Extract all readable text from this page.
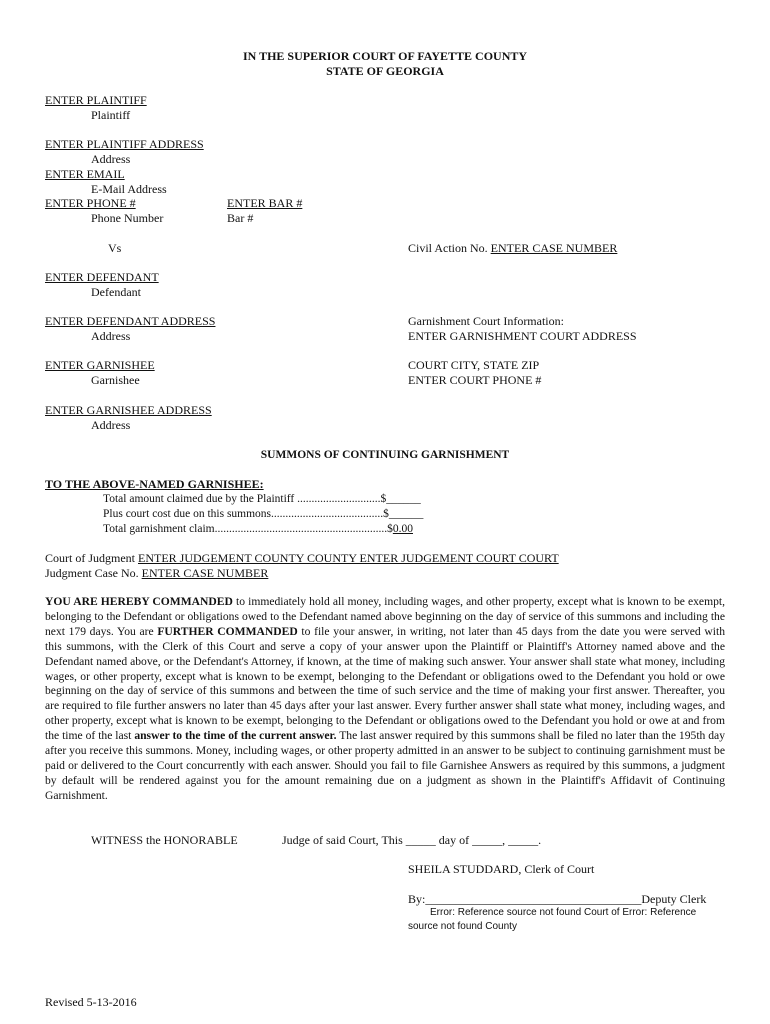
IN THE SUPERIOR COURT OF FAYETTE COUNTY
STATE OF GEORGIA
ENTER PLAINTIFF
Plaintiff
ENTER PLAINTIFF ADDRESS
Address
ENTER EMAIL
E-Mail Address
ENTER PHONE #
Phone Number
ENTER BAR #
Bar #
Vs	Civil Action No. ENTER CASE NUMBER
ENTER DEFENDANT
Defendant
ENTER DEFENDANT ADDRESS
Address
Garnishment Court Information:
ENTER GARNISHMENT COURT ADDRESS
COURT CITY, STATE ZIP
ENTER COURT PHONE #
ENTER GARNISHEE
Garnishee
ENTER GARNISHEE ADDRESS
Address
SUMMONS OF CONTINUING GARNISHMENT
TO THE ABOVE-NAMED GARNISHEE:
Total amount claimed due by the Plaintiff .............................$______
Plus court cost due on this summons.......................................$______
Total garnishment claim............................................................$0.00
Court of Judgment ENTER JUDGEMENT COUNTY COUNTY ENTER JUDGEMENT COURT COURT
Judgment Case No. ENTER CASE NUMBER
YOU ARE HEREBY COMMANDED to immediately hold all money, including wages, and other property, except what is known to be exempt, belonging to the Defendant or obligations owed to the Defendant named above beginning on the day of service of this summons and including the next 179 days. You are FURTHER COMMANDED to file your answer, in writing, not later than 45 days from the date you were served with this summons, with the Clerk of this Court and serve a copy of your answer upon the Plaintiff or Plaintiff's Attorney named above and the Defendant named above, or the Defendant's Attorney, if known, at the time of making such answer. Your answer shall state what money, including wages, or other property, except what is known to be exempt, belonging to the Defendant or obligations owed to the Defendant you hold or owe beginning on the day of service of this summons and between the time of such service and the time of making your first answer. Thereafter, you are required to file further answers no later than 45 days after your last answer. Every further answer shall state what money, including wages, and other property, except what is known to be exempt, belonging to the Defendant or obligations owed to the Defendant you hold or owe at and from the time of the last answer to the time of the current answer. The last answer required by this summons shall be filed no later than the 195th day after you receive this summons. Money, including wages, or other property admitted in an answer to be subject to continuing garnishment must be paid or delivered to the Court concurrently with each answer. Should you fail to file Garnishee Answers as required by this summons, a judgment by default will be rendered against you for the amount remaining due on a judgment as shown in the Plaintiff's Affidavit of Continuing Garnishment.
WITNESS the HONORABLE	Judge of said Court, This _____ day of _____, _____.
SHEILA STUDDARD, Clerk of Court
By:____________________________________Deputy Clerk
Error: Reference source not found Court of Error: Reference
source not found County
Revised 5-13-2016
